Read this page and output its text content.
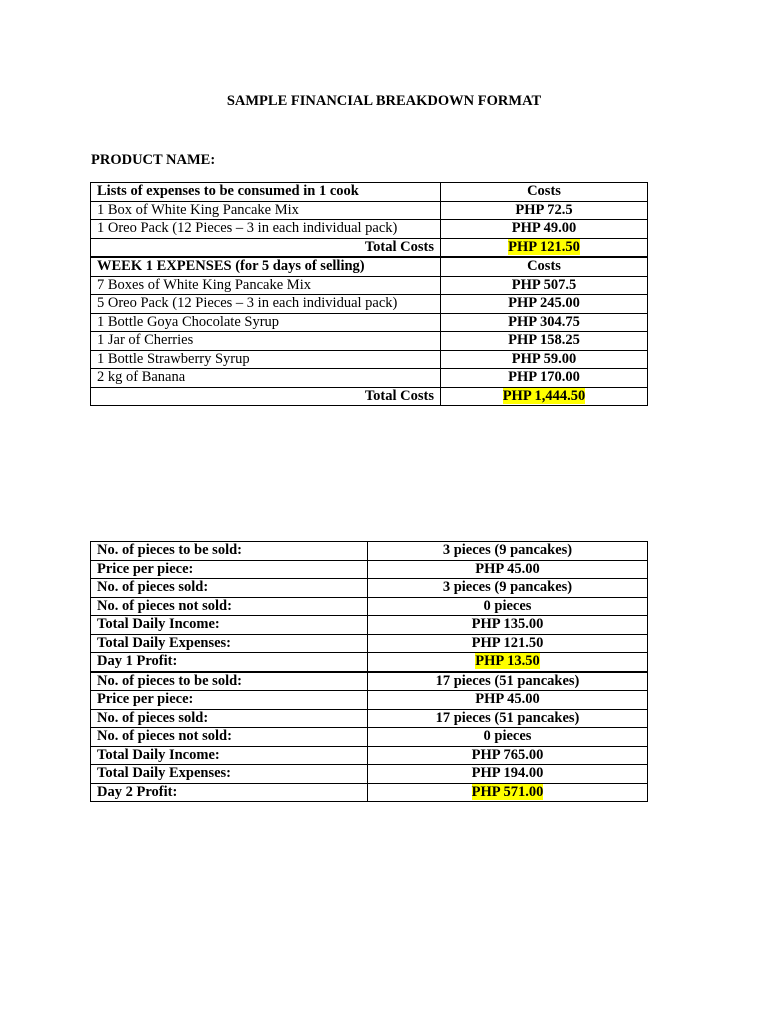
SAMPLE FINANCIAL BREAKDOWN FORMAT
PRODUCT NAME:
Lists of expenses to be consumed in 1 cook	Costs
1 Box of White King Pancake Mix	PHP 72.5
1 Oreo Pack (12 Pieces – 3 in each individual pack)	PHP 49.00
Total Costs	PHP 121.50
WEEK 1 EXPENSES (for 5 days of selling)	Costs
7 Boxes of White King Pancake Mix	PHP 507.5
5 Oreo Pack (12 Pieces – 3 in each individual pack)	PHP 245.00
1 Bottle Goya Chocolate Syrup	PHP 304.75
1 Jar of Cherries	PHP 158.25
1 Bottle Strawberry Syrup	PHP 59.00
2 kg of Banana	PHP 170.00
Total Costs	PHP 1,444.50
No. of pieces to be sold:	3 pieces (9 pancakes)
Price per piece:	PHP 45.00
No. of pieces sold:	3 pieces (9 pancakes)
No. of pieces not sold:	0 pieces
Total Daily Income:	PHP 135.00
Total Daily Expenses:	PHP 121.50
Day 1 Profit:	PHP 13.50
No. of pieces to be sold:	17 pieces (51 pancakes)
Price per piece:	PHP 45.00
No. of pieces sold:	17 pieces (51 pancakes)
No. of pieces not sold:	0 pieces
Total Daily Income:	PHP 765.00
Total Daily Expenses:	PHP 194.00
Day 2 Profit:	PHP 571.00
